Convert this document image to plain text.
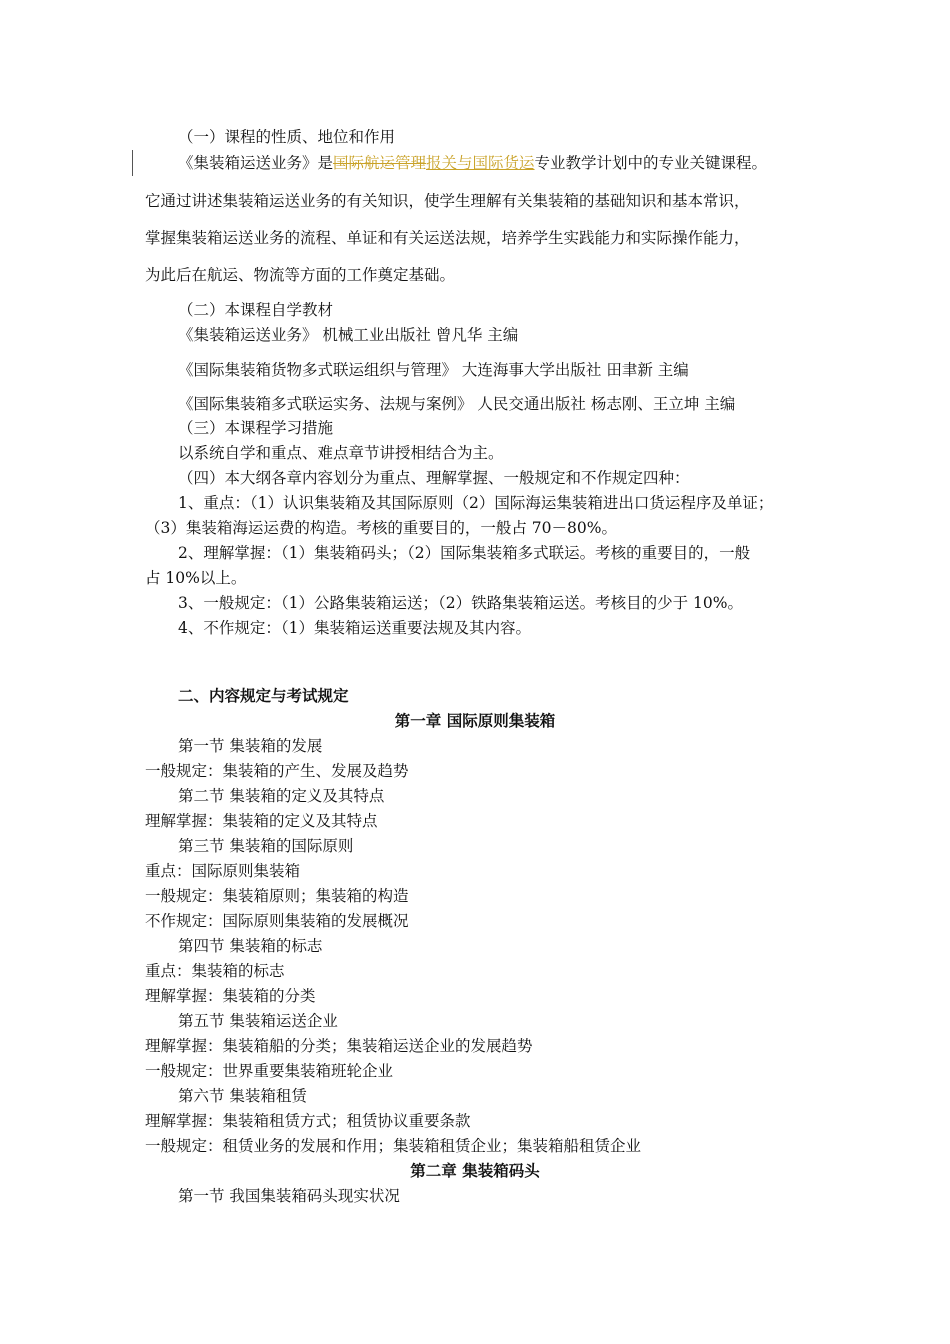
（一）课程的性质、地位和作用
《集装箱运送业务》是国际航运管理报关与国际货运专业教学计划中的专业关键课程。
它通过讲述集装箱运送业务的有关知识，使学生理解有关集装箱的基础知识和基本常识，
掌握集装箱运送业务的流程、单证和有关运送法规，培养学生实践能力和实际操作能力，
为此后在航运、物流等方面的工作奠定基础。
（二）本课程自学教材
《集装箱运送业务》 机械工业出版社 曾凡华 主编
《国际集装箱货物多式联运组织与管理》 大连海事大学出版社 田聿新 主编
《国际集装箱多式联运实务、法规与案例》 人民交通出版社 杨志刚、王立坤 主编
（三）本课程学习措施
以系统自学和重点、难点章节讲授相结合为主。
（四）本大纲各章内容划分为重点、理解掌握、一般规定和不作规定四种：
1、重点：（1）认识集装箱及其国际原则（2）国际海运集装箱进出口货运程序及单证；
（3）集装箱海运运费的构造。考核的重要目的，一般占 70－80%。
2、理解掌握：（1）集装箱码头；（2）国际集装箱多式联运。考核的重要目的，一般
占 10%以上。
3、一般规定：（1）公路集装箱运送；（2）铁路集装箱运送。考核目的少于 10%。
4、不作规定：（1）集装箱运送重要法规及其内容。
二、内容规定与考试规定
第一章 国际原则集装箱
第一节 集装箱的发展
一般规定：集装箱的产生、发展及趋势
第二节 集装箱的定义及其特点
理解掌握：集装箱的定义及其特点
第三节 集装箱的国际原则
重点：国际原则集装箱
一般规定：集装箱原则；集装箱的构造
不作规定：国际原则集装箱的发展概况
第四节 集装箱的标志
重点：集装箱的标志
理解掌握：集装箱的分类
第五节 集装箱运送企业
理解掌握：集装箱船的分类；集装箱运送企业的发展趋势
一般规定：世界重要集装箱班轮企业
第六节 集装箱租赁
理解掌握：集装箱租赁方式；租赁协议重要条款
一般规定：租赁业务的发展和作用；集装箱租赁企业；集装箱船租赁企业
第二章 集装箱码头
第一节 我国集装箱码头现实状况
